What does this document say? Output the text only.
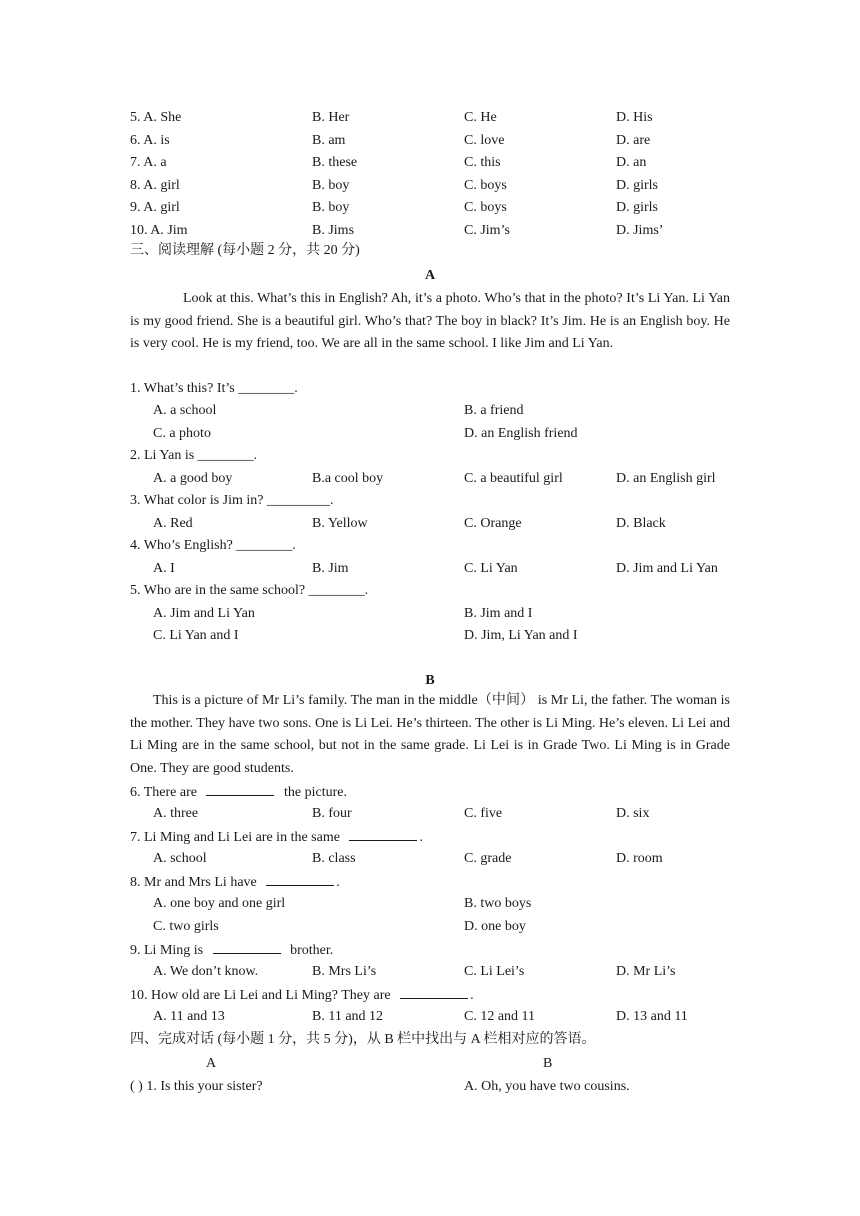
5. A. She	B. Her	C. He	D. His
6. A. is	B. am	C. love	D. are
7. A. a	B. these	C. this	D. an
8. A. girl	B. boy	C. boys	D. girls
9. A. girl	B. boy	C. boys	D. girls
10. A. Jim	B. Jims	C. Jim’s	D. Jims’
三、阅读理解 (每小题 2 分，共 20 分)
A
Look at this. What’s this in English? Ah, it’s a photo. Who’s that in the photo? It’s Li Yan. Li Yan is my good friend. She is a beautiful girl. Who’s that? The boy in black? It’s Jim. He is an English boy. He is very cool. He is my friend, too. We are all in the same school. I like Jim and Li Yan.
1. What’s this? It’s ________.
A. a school	B. a friend
C. a photo	D. an English friend
2. Li Yan is ________.
A. a good boy	B.a cool boy	C. a beautiful girl	D. an English girl
3. What color is Jim in? _________.
A. Red	B. Yellow	C. Orange	D. Black
4. Who’s English? ________.
A. I	B. Jim	C. Li Yan	D. Jim and Li Yan
5. Who are in the same school? ________.
A. Jim and Li Yan	B. Jim and I
C. Li Yan and I	D. Jim, Li Yan and I
B
This is a picture of Mr Li’s family. The man in the middle（中间） is Mr Li, the father. The woman is the mother. They have two sons. One is Li Lei. He’s thirteen. The other is Li Ming. He’s eleven. Li Lei and Li Ming are in the same school, but not in the same grade. Li Lei is in Grade Two. Li Ming is in Grade One. They are good students.
6. There are	the picture.
A. three	B. four	C. five	D. six
7. Li Ming and Li Lei are in the same	.
A. school	B. class	C. grade	D. room
8. Mr and Mrs Li have	.
A. one boy and one girl	B. two boys
C. two girls	D. one boy
9. Li Ming is	brother.
A. We don’t know.	B. Mrs Li’s	C. Li Lei’s	D. Mr Li’s
10. How old are Li Lei and Li Ming? They are	.
A. 11 and 13	B. 11 and 12	C. 12 and 11	D. 13 and 11
四、完成对话 (每小题 1 分，共 5 分)，从 B 栏中找出与 A 栏相对应的答语。
A	B
( ) 1. Is this your sister?	A. Oh, you have two cousins.
